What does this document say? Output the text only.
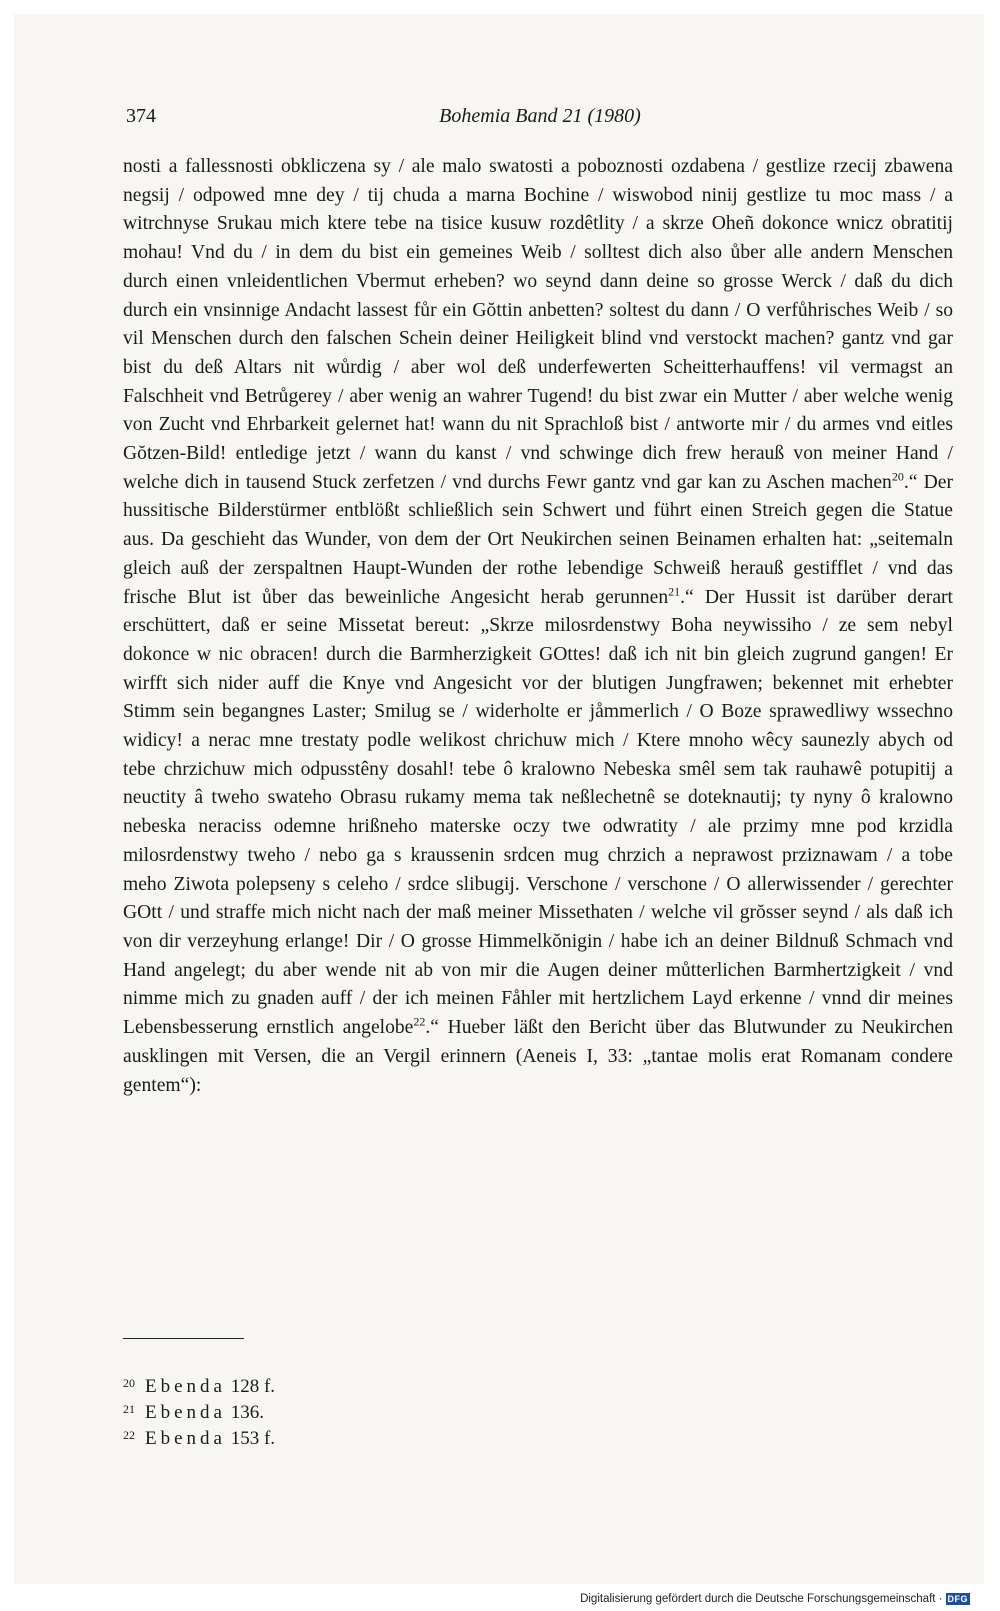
374	Bohemia Band 21 (1980)

nosti a fallessnosti obkliczena sy / ale malo swatosti a poboznosti ozdabena / gestlize rzecij zbawena negsij / odpowed mne dey / tij chuda a marna Bochine / wiswobod ninij gestlize tu moc mass / a witrchnyse Srukau mich ktere tebe na tisice kusuw rozdêtlity / a skrze Oheñ dokonce wnicz obratitij mohau! Vnd du / in dem du bist ein gemeines Weib / solltest dich also ůber alle andern Menschen durch einen vnleidentlichen Vbermut erheben? wo seynd dann deine so grosse Werck / daß du dich durch ein vnsinnige Andacht lassest fůr ein Gŏttin anbetten? soltest du dann / O verfůhrisches Weib / so vil Menschen durch den falschen Schein deiner Heiligkeit blind vnd verstockt machen? gantz vnd gar bist du deß Altars nit wůrdig / aber wol deß underfewerten Scheitterhauffens! vil vermagst an Falschheit vnd Betrůgerey / aber wenig an wahrer Tugend! du bist zwar ein Mutter / aber welche wenig von Zucht vnd Ehrbarkeit gelernet hat! wann du nit Sprachloß bist / antworte mir / du armes vnd eitles Gŏtzen-Bild! entledige jetzt / wann du kanst / vnd schwinge dich frew herauß von meiner Hand / welche dich in tausend Stuck zerfetzen / vnd durchs Fewr gantz vnd gar kan zu Aschen machen$^{20}$.“ Der hussitische Bilderstürmer entblößt schließlich sein Schwert und führt einen Streich gegen die Statue aus. Da geschieht das Wunder, von dem der Ort Neukirchen seinen Beinamen erhalten hat: „seitemaln gleich auß der zerspaltnen Haupt-Wunden der rothe lebendige Schweiß herauß gestifflet / vnd das frische Blut ist ůber das beweinliche Angesicht herab gerunnen$^{21}$.“ Der Hussit ist darüber derart erschüttert, daß er seine Missetat bereut: „Skrze milosrdenstwy Boha neywissiho / ze sem nebyl dokonce w nic obracen! durch die Barmherzigkeit GOttes! daß ich nit bin gleich zugrund gangen! Er wirfft sich nider auff die Knye vnd Angesicht vor der blutigen Jungfrawen; bekennet mit erhebter Stimm sein begangnes Laster; Smilug se / widerholte er jåmmerlich / O Boze sprawedliwy wssechno widicy! a nerac mne trestaty podle welikost chrichuw mich / Ktere mnoho wêcy saunezly abych od tebe chrzichuw mich odpusstêny dosahl! tebe ô kralowno Nebeska smêl sem tak rauhawê potupitij a neuctity â tweho swateho Obrasu rukamy mema tak neßlechetnê se doteknautij; ty nyny ô kralowno nebeska neraciss odemne hrißneho materske oczy twe odwratity / ale przimy mne pod krzidla milosrdenstwy tweho / nebo ga s kraussenin srdcen mug chrzich a neprawost prziznawam / a tobe meho Ziwota polepseny s celeho / srdce slibugij. Verschone / verschone / O allerwissender / gerechter GOtt / und straffe mich nicht nach der maß meiner Missethaten / welche vil grŏsser seynd / als daß ich von dir verzeyhung erlange! Dir / O grosse Himmelkŏnigin / habe ich an deiner Bildnuß Schmach vnd Hand angelegt; du aber wende nit ab von mir die Augen deiner můtterlichen Barmhertzigkeit / vnd nimme mich zu gnaden auff / der ich meinen Fåhler mit hertzlichem Layd erkenne / vnnd dir meines Lebensbesserung ernstlich angelobe$^{22}$.“ Hueber läßt den Bericht über das Blutwunder zu Neukirchen ausklingen mit Versen, die an Vergil erinnern (Aeneis I, 33: „tantae molis erat Romanam condere gentem“):

20 Ebenda 128 f.
21 Ebenda 136.
22 Ebenda 153 f.
Digitalisierung gefördert durch die Deutsche Forschungsgemeinschaft · DFG
